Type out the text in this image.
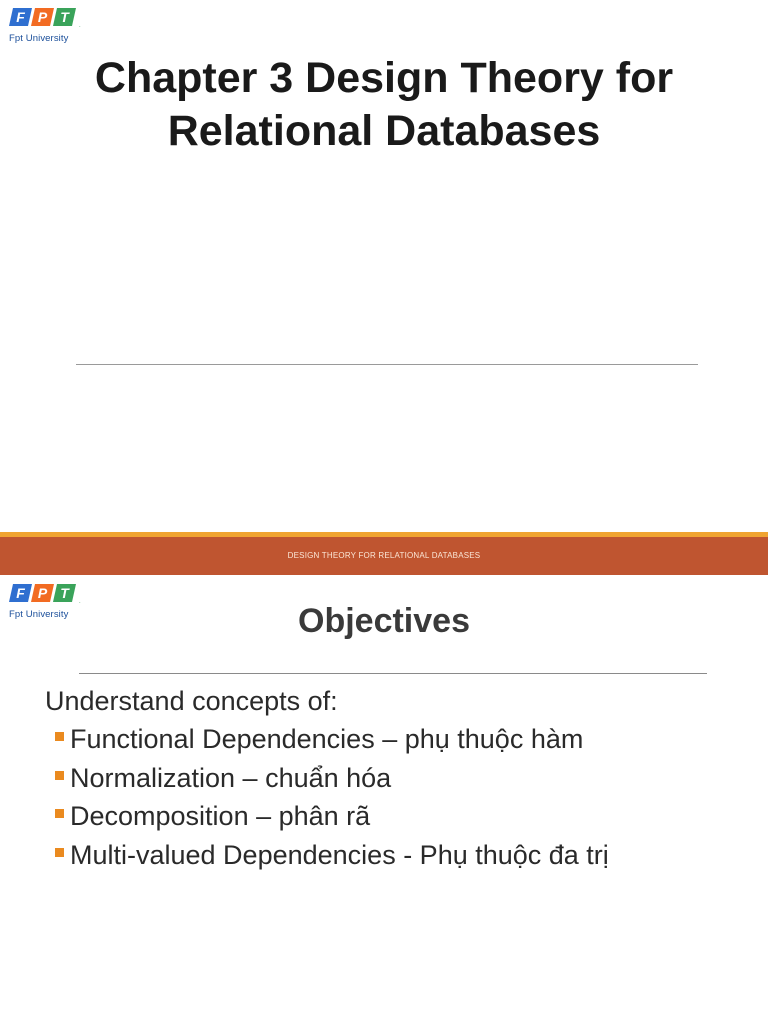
F P T
.
Fpt University
Chapter 3 Design Theory for
Relational Databases
DESIGN THEORY FOR RELATIONAL DATABASES
F P T
.
Fpt University	Objectives
Understand concepts of:
Functional Dependencies – phụ thuộc hàm
Normalization – chuẩn hóa
Decomposition – phân rã
Multi-valued Dependencies - Phụ thuộc đa trị
